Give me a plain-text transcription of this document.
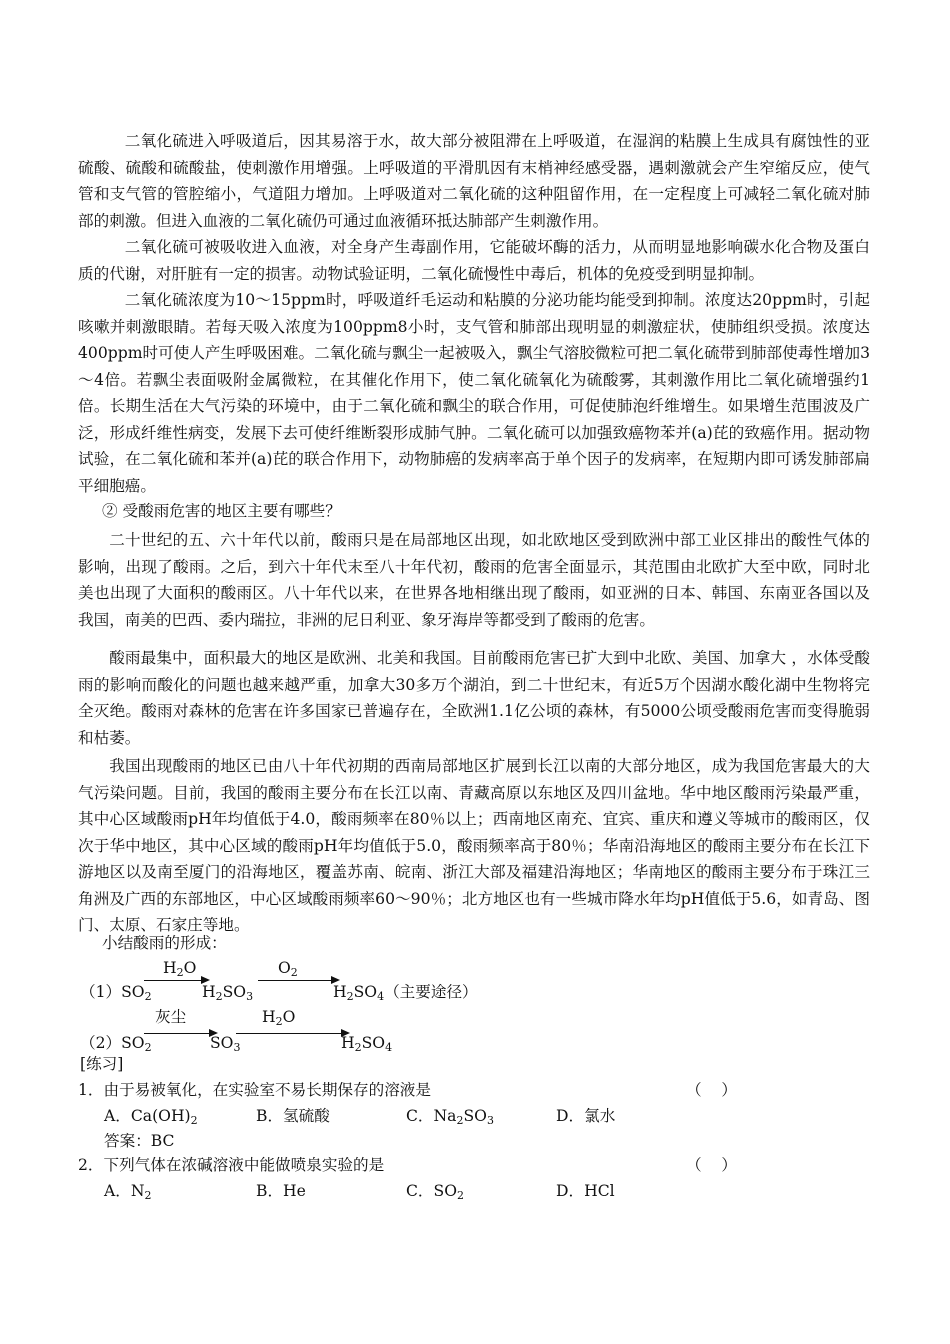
二氧化硫进入呼吸道后，因其易溶于水，故大部分被阻滞在上呼吸道，在湿润的粘膜上生成具有腐蚀性的亚硫酸、硫酸和硫酸盐，使刺激作用增强。上呼吸道的平滑肌因有末梢神经感受器，遇刺激就会产生窄缩反应，使气管和支气管的管腔缩小，气道阻力增加。上呼吸道对二氧化硫的这种阻留作用，在一定程度上可减轻二氧化硫对肺部的刺激。但进入血液的二氧化硫仍可通过血液循环抵达肺部产生刺激作用。

二氧化硫可被吸收进入血液，对全身产生毒副作用，它能破坏酶的活力，从而明显地影响碳水化合物及蛋白质的代谢，对肝脏有一定的损害。动物试验证明，二氧化硫慢性中毒后，机体的免疫受到明显抑制。

二氧化硫浓度为10～15ppm时，呼吸道纤毛运动和粘膜的分泌功能均能受到抑制。浓度达20ppm时，引起咳嗽并刺激眼睛。若每天吸入浓度为100ppm8小时，支气管和肺部出现明显的刺激症状，使肺组织受损。浓度达400ppm时可使人产生呼吸困难。二氧化硫与飘尘一起被吸入，飘尘气溶胶微粒可把二氧化硫带到肺部使毒性增加3～4倍。若飘尘表面吸附金属微粒，在其催化作用下，使二氧化硫氧化为硫酸雾，其刺激作用比二氧化硫增强约1倍。长期生活在大气污染的环境中，由于二氧化硫和飘尘的联合作用，可促使肺泡纤维增生。如果增生范围波及广泛，形成纤维性病变，发展下去可使纤维断裂形成肺气肿。二氧化硫可以加强致癌物苯并(a)芘的致癌作用。据动物试验，在二氧化硫和苯并(a)芘的联合作用下，动物肺癌的发病率高于单个因子的发病率，在短期内即可诱发肺部扁平细胞癌。

② 受酸雨危害的地区主要有哪些？

二十世纪的五、六十年代以前，酸雨只是在局部地区出现，如北欧地区受到欧洲中部工业区排出的酸性气体的影响，出现了酸雨。之后，到六十年代末至八十年代初，酸雨的危害全面显示，其范围由北欧扩大至中欧，同时北美也出现了大面积的酸雨区。八十年代以来，在世界各地相继出现了酸雨，如亚洲的日本、韩国、东南亚各国以及我国，南美的巴西、委内瑞拉，非洲的尼日利亚、象牙海岸等都受到了酸雨的危害。

酸雨最集中，面积最大的地区是欧洲、北美和我国。目前酸雨危害已扩大到中北欧、美国、加拿大 ，水体受酸雨的影响而酸化的问题也越来越严重，加拿大30多万个湖泊，到二十世纪末，有近5万个因湖水酸化湖中生物将完全灭绝。酸雨对森林的危害在许多国家已普遍存在，全欧洲1.1亿公顷的森林，有5000公顷受酸雨危害而变得脆弱和枯萎。

我国出现酸雨的地区已由八十年代初期的西南局部地区扩展到长江以南的大部分地区，成为我国危害最大的大气污染问题。目前，我国的酸雨主要分布在长江以南、青藏高原以东地区及四川盆地。华中地区酸雨污染最严重，其中心区域酸雨pH年均值低于4.0，酸雨频率在80％以上；西南地区南充、宜宾、重庆和遵义等城市的酸雨区，仅次于华中地区，其中心区域的酸雨pH年均值低于5.0，酸雨频率高于80％；华南沿海地区的酸雨主要分布在长江下游地区以及南至厦门的沿海地区，覆盖苏南、皖南、浙江大部及福建沿海地区；华南地区的酸雨主要分布于珠江三角洲及广西的东部地区，中心区域酸雨频率60～90％；北方地区也有一些城市降水年均pH值低于5.6，如青岛、图门、太原、石家庄等地。

小结酸雨的形成：
$(1)SO_2$
$H_2O$
$H_2SO_3$
$O_2$
$H_2SO_4$（主要途径）
$(2)SO_2$
灰尘
$SO_3$
$H_2O$
$H_2SO_4$
[练习]
1．由于易被氧化，在实验室不易长期保存的溶液是	（    ）
A．$Ca(OH)_2$	B．氢硫酸	C．$Na_2SO_3$	D．氯水
答案：BC
2．下列气体在浓碱溶液中能做喷泉实验的是	（    ）
A．$N_2$	B．He	C．$SO_2$	D．HCl
